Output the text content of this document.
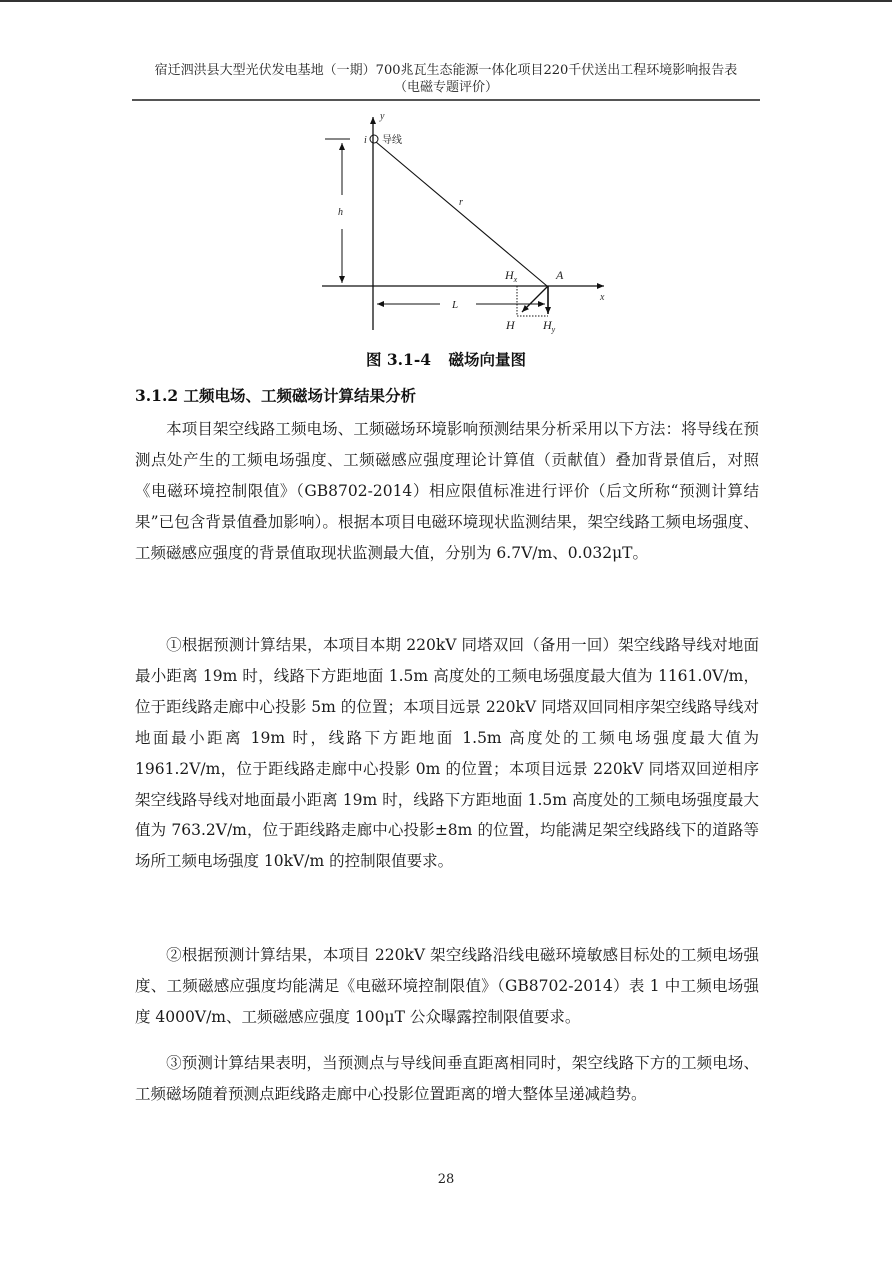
宿迁泗洪县大型光伏发电基地（一期）700兆瓦生态能源一体化项目220千伏送出工程环境影响报告表
（电磁专题评价）
y
x
h
i 导线
r
L
A
$H_x$
H $H_y$
图 3.1-4 磁场向量图
3.1.2 工频电场、工频磁场计算结果分析
本项目架空线路工频电场、工频磁场环境影响预测结果分析采用以下方法：将导线在预测点处产生的工频电场强度、工频磁感应强度理论计算值（贡献值）叠加背景值后，对照《电磁环境控制限值》（GB8702-2014）相应限值标准进行评价（后文所称“预测计算结果”已包含背景值叠加影响）。根据本项目电磁环境现状监测结果，架空线路工频电场强度、工频磁感应强度的背景值取现状监测最大值，分别为 6.7V/m、0.032μT。
①根据预测计算结果，本项目本期 220kV 同塔双回（备用一回）架空线路导线对地面最小距离 19m 时，线路下方距地面 1.5m 高度处的工频电场强度最大值为 1161.0V/m，位于距线路走廊中心投影 5m 的位置；本项目远景 220kV 同塔双回同相序架空线路导线对地面最小距离 19m 时，线路下方距地面 1.5m 高度处的工频电场强度最大值为 1961.2V/m，位于距线路走廊中心投影 0m 的位置；本项目远景 220kV 同塔双回逆相序架空线路导线对地面最小距离 19m 时，线路下方距地面 1.5m 高度处的工频电场强度最大值为 763.2V/m，位于距线路走廊中心投影±8m 的位置，均能满足架空线路线下的道路等场所工频电场强度 10kV/m 的控制限值要求。
②根据预测计算结果，本项目 220kV 架空线路沿线电磁环境敏感目标处的工频电场强度、工频磁感应强度均能满足《电磁环境控制限值》（GB8702-2014）表 1 中工频电场强度 4000V/m、工频磁感应强度 100μT 公众曝露控制限值要求。
③预测计算结果表明，当预测点与导线间垂直距离相同时，架空线路下方的工频电场、工频磁场随着预测点距线路走廊中心投影位置距离的增大整体呈递减趋势。
28
